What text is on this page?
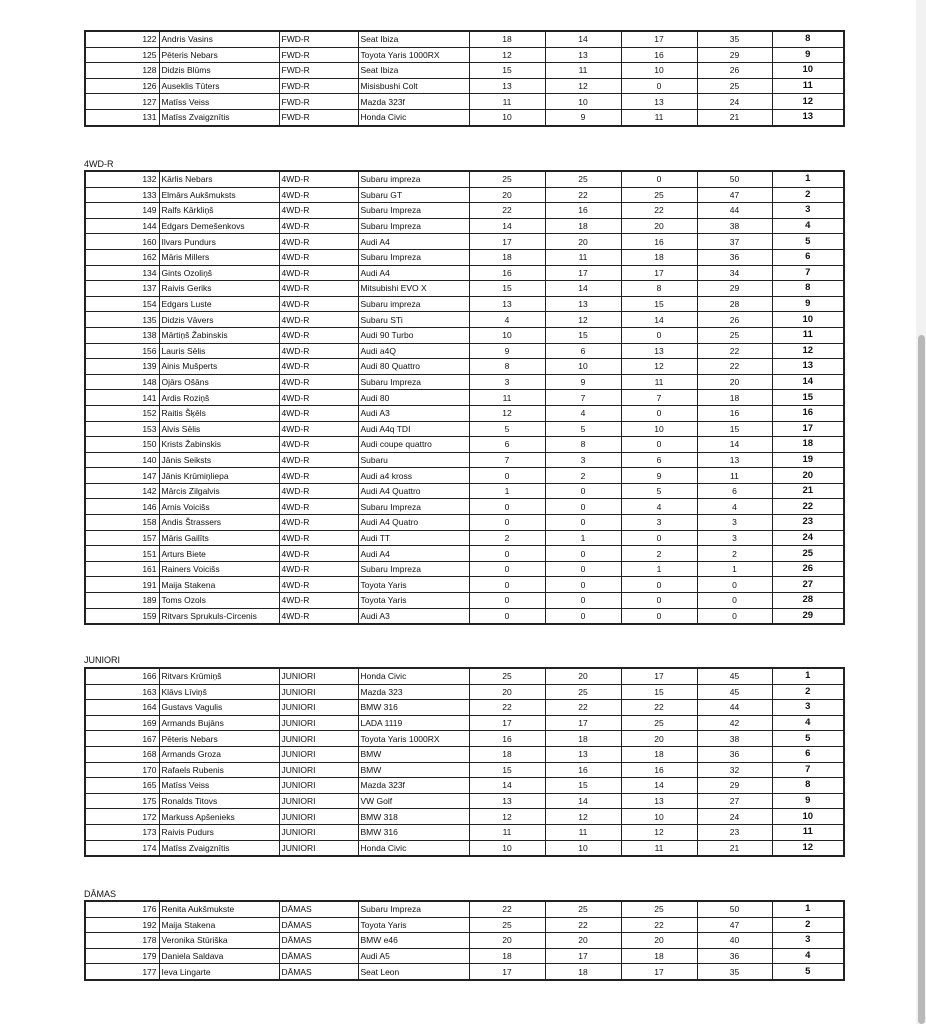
122	Andris Vasins	FWD-R	Seat Ibiza	18	14	17	35	8
125	Pēteris Nebars	FWD-R	Toyota Yaris 1000RX	12	13	16	29	9
128	Didzis Blūms	FWD-R	Seat Ibiza	15	11	10	26	10
126	Auseklis Tūters	FWD-R	Misisbushi Colt	13	12	0	25	11
127	Matīss Veiss	FWD-R	Mazda 323f	11	10	13	24	12
131	Matīss Zvaigznītis	FWD-R	Honda Civic	10	9	11	21	13
4WD-R
132	Kārlis Nebars	4WD-R	Subaru impreza	25	25	0	50	1
133	Elmārs Aukšmuksts	4WD-R	Subaru GT	20	22	25	47	2
149	Ralfs Kārkliņš	4WD-R	Subaru Impreza	22	16	22	44	3
144	Edgars Demešenkovs	4WD-R	Subaru Impreza	14	18	20	38	4
160	Ilvars Pundurs	4WD-R	Audi A4	17	20	16	37	5
162	Māris Millers	4WD-R	Subaru Impreza	18	11	18	36	6
134	Gints Ozoliņš	4WD-R	Audi A4	16	17	17	34	7
137	Raivis Geriks	4WD-R	Mitsubishi EVO X	15	14	8	29	8
154	Edgars Luste	4WD-R	Subaru impreza	13	13	15	28	9
135	Didzis Vāvers	4WD-R	Subaru STi	4	12	14	26	10
138	Mārtiņš Žabinskis	4WD-R	Audi 90 Turbo	10	15	0	25	11
156	Lauris Sēlis	4WD-R	Audi a4Q	9	6	13	22	12
139	Ainis Mušperts	4WD-R	Audi 80 Quattro	8	10	12	22	13
148	Ojārs Ošāns	4WD-R	Subaru Impreza	3	9	11	20	14
141	Ardis Roziņš	4WD-R	Audi 80	11	7	7	18	15
152	Raitis Šķēls	4WD-R	Audi A3	12	4	0	16	16
153	Alvis Sēlis	4WD-R	Audi A4q TDI	5	5	10	15	17
150	Krists Žabinskis	4WD-R	Audi coupe quattro	6	8	0	14	18
140	Jānis Seiksts	4WD-R	Subaru	7	3	6	13	19
147	Jānis Krūmiņliepa	4WD-R	Audi a4 kross	0	2	9	11	20
142	Mārcis Zilgalvis	4WD-R	Audi A4 Quattro	1	0	5	6	21
146	Arnis Voicišs	4WD-R	Subaru Impreza	0	0	4	4	22
158	Andis Štrassers	4WD-R	Audi A4 Quatro	0	0	3	3	23
157	Māris Gailīts	4WD-R	Audi TT	2	1	0	3	24
151	Arturs Biete	4WD-R	Audi A4	0	0	2	2	25
161	Rainers Voicišs	4WD-R	Subaru Impreza	0	0	1	1	26
191	Maija Stakena	4WD-R	Toyota Yaris	0	0	0	0	27
189	Toms Ozols	4WD-R	Toyota Yaris	0	0	0	0	28
159	Ritvars Sprukuls-Circenis	4WD-R	Audi A3	0	0	0	0	29
JUNIORI
166	Ritvars Krūmiņš	JUNIORI	Honda Civic	25	20	17	45	1
163	Klāvs Līviņš	JUNIORI	Mazda 323	20	25	15	45	2
164	Gustavs Vagulis	JUNIORI	BMW 316	22	22	22	44	3
169	Armands Bujāns	JUNIORI	LADA 1119	17	17	25	42	4
167	Pēteris Nebars	JUNIORI	Toyota Yaris 1000RX	16	18	20	38	5
168	Armands Groza	JUNIORI	BMW	18	13	18	36	6
170	Rafaels Rubenis	JUNIORI	BMW	15	16	16	32	7
165	Matīss Veiss	JUNIORI	Mazda 323f	14	15	14	29	8
175	Ronalds Titovs	JUNIORI	VW Golf	13	14	13	27	9
172	Markuss Apšenieks	JUNIORI	BMW 318	12	12	10	24	10
173	Raivis Pudurs	JUNIORI	BMW 316	11	11	12	23	11
174	Matīss Zvaigznītis	JUNIORI	Honda Civic	10	10	11	21	12
DĀMAS
176	Renita Aukšmukste	DĀMAS	Subaru Impreza	22	25	25	50	1
192	Maija Stakena	DĀMAS	Toyota Yaris	25	22	22	47	2
178	Veronika Stūriška	DĀMAS	BMW e46	20	20	20	40	3
179	Daniela Saldava	DĀMAS	Audi A5	18	17	18	36	4
177	Ieva Lingarte	DĀMAS	Seat Leon	17	18	17	35	5
